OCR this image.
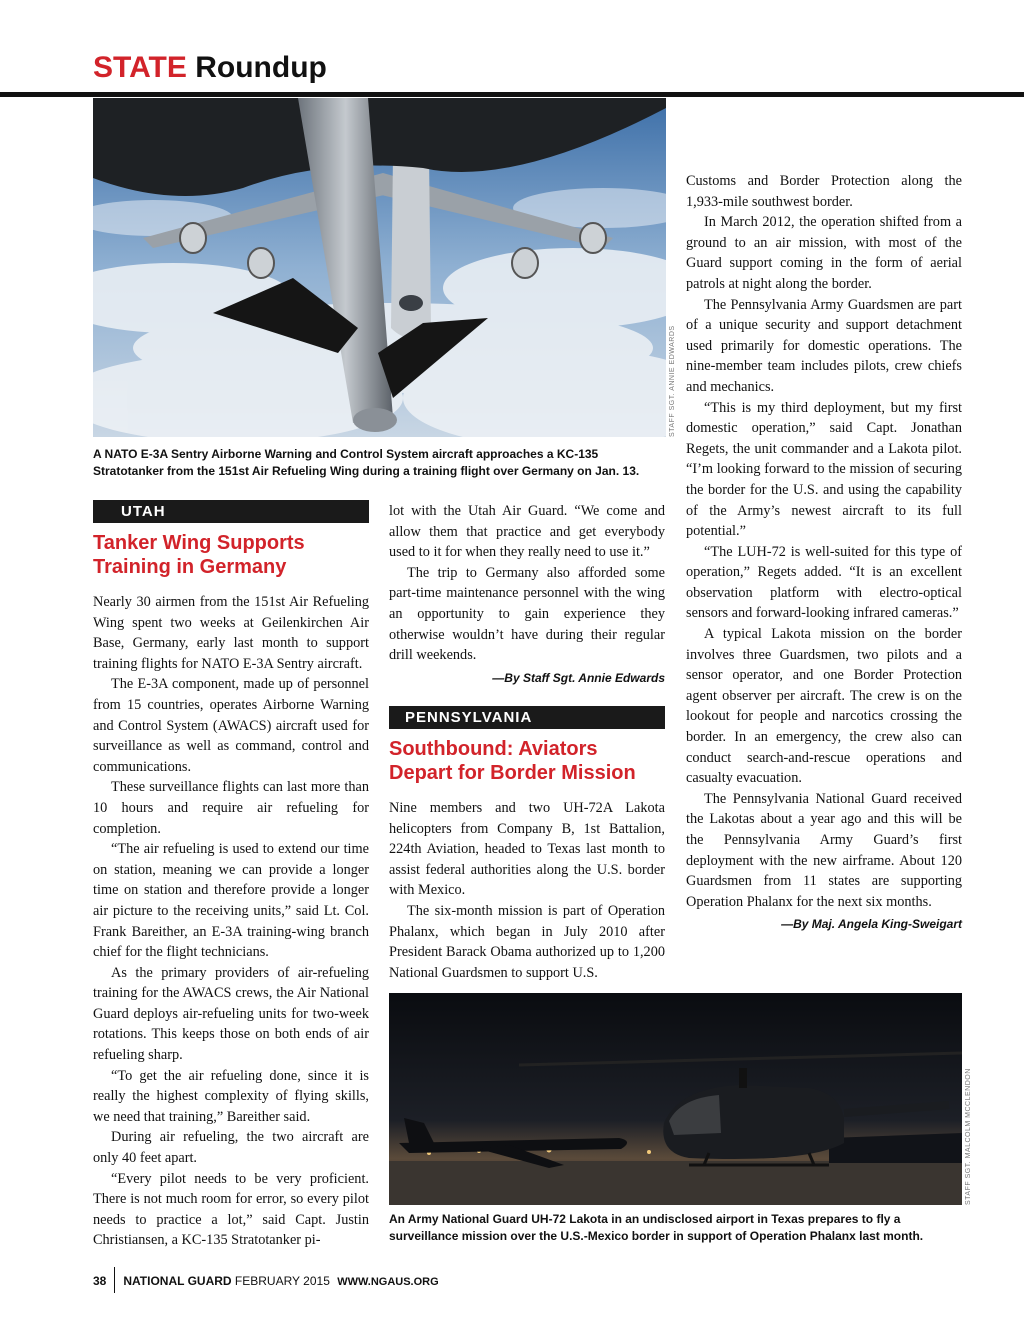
STATE Roundup
STAFF SGT. ANNIE EDWARDS
A NATO E-3A Sentry Airborne Warning and Control System aircraft approaches a KC-135 Stratotanker from the 151st Air Refueling Wing during a training flight over Germany on Jan. 13.
UTAH
Tanker Wing Supports Training in Germany

Nearly 30 airmen from the 151st Air Refueling Wing spent two weeks at Geilenkirchen Air Base, Germany, early last month to support training flights for NATO E-3A Sentry aircraft.

The E-3A component, made up of personnel from 15 countries, operates Airborne Warning and Control System (AWACS) aircraft used for surveillance as well as command, control and communications.

These surveillance flights can last more than 10 hours and require air refueling for completion.

“The air refueling is used to extend our time on station, meaning we can provide a longer time on station and therefore provide a longer air picture to the receiving units,” said Lt. Col. Frank Bareither, an E-3A training-wing branch chief for the flight technicians.

As the primary providers of air-refueling training for the AWACS crews, the Air National Guard deploys air-refueling units for two-week rotations. This keeps those on both ends of air refueling sharp.

“To get the air refueling done, since it is really the highest complexity of flying skills, we need that training,” Bareither said.

During air refueling, the two aircraft are only 40 feet apart.

“Every pilot needs to be very proficient. There is not much room for error, so every pilot needs to practice a lot,” said Capt. Justin Christiansen, a KC-135 Stratotanker pi-

lot with the Utah Air Guard. “We come and allow them that practice and get everybody used to it for when they really need to use it.”

The trip to Germany also afforded some part-time maintenance personnel with the wing an opportunity to gain experience they otherwise wouldn’t have during their regular drill weekends.

—By Staff Sgt. Annie Edwards

PENNSYLVANIA
Southbound: Aviators Depart for Border Mission

Nine members and two UH-72A Lakota helicopters from Company B, 1st Battalion, 224th Aviation, headed to Texas last month to assist federal authorities along the U.S. border with Mexico.

The six-month mission is part of Operation Phalanx, which began in July 2010 after President Barack Obama authorized up to 1,200 National Guardsmen to support U.S.

Customs and Border Protection along the 1,933-mile southwest border.

In March 2012, the operation shifted from a ground to an air mission, with most of the Guard support coming in the form of aerial patrols at night along the border.

The Pennsylvania Army Guardsmen are part of a unique security and support detachment used primarily for domestic operations. The nine-member team includes pilots, crew chiefs and mechanics.

“This is my third deployment, but my first domestic operation,” said Capt. Jonathan Regets, the unit commander and a Lakota pilot. “I’m looking forward to the mission of securing the border for the U.S. and using the capability of the Army’s newest aircraft to its full potential.”

“The LUH-72 is well-suited for this type of operation,” Regets added. “It is an excellent observation platform with electro-optical sensors and forward-looking infrared cameras.”

A typical Lakota mission on the border involves three Guardsmen, two pilots and a sensor operator, and one Border Protection agent observer per aircraft. The crew is on the lookout for people and narcotics crossing the border. In an emergency, the crew also can conduct search-and-rescue operations and casualty evacuation.

The Pennsylvania National Guard received the Lakotas about a year ago and this will be the Pennsylvania Army Guard’s first deployment with the new airframe. About 120 Guardsmen from 11 states are supporting Operation Phalanx for the next six months.

—By Maj. Angela King-Sweigart

STAFF SGT. MALCOLM MCCLENDON
An Army National Guard UH-72 Lakota in an undisclosed airport in Texas prepares to fly a surveillance mission over the U.S.-Mexico border in support of Operation Phalanx last month.
38 NATIONAL GUARD FEBRUARY 2015 WWW.NGAUS.ORG
